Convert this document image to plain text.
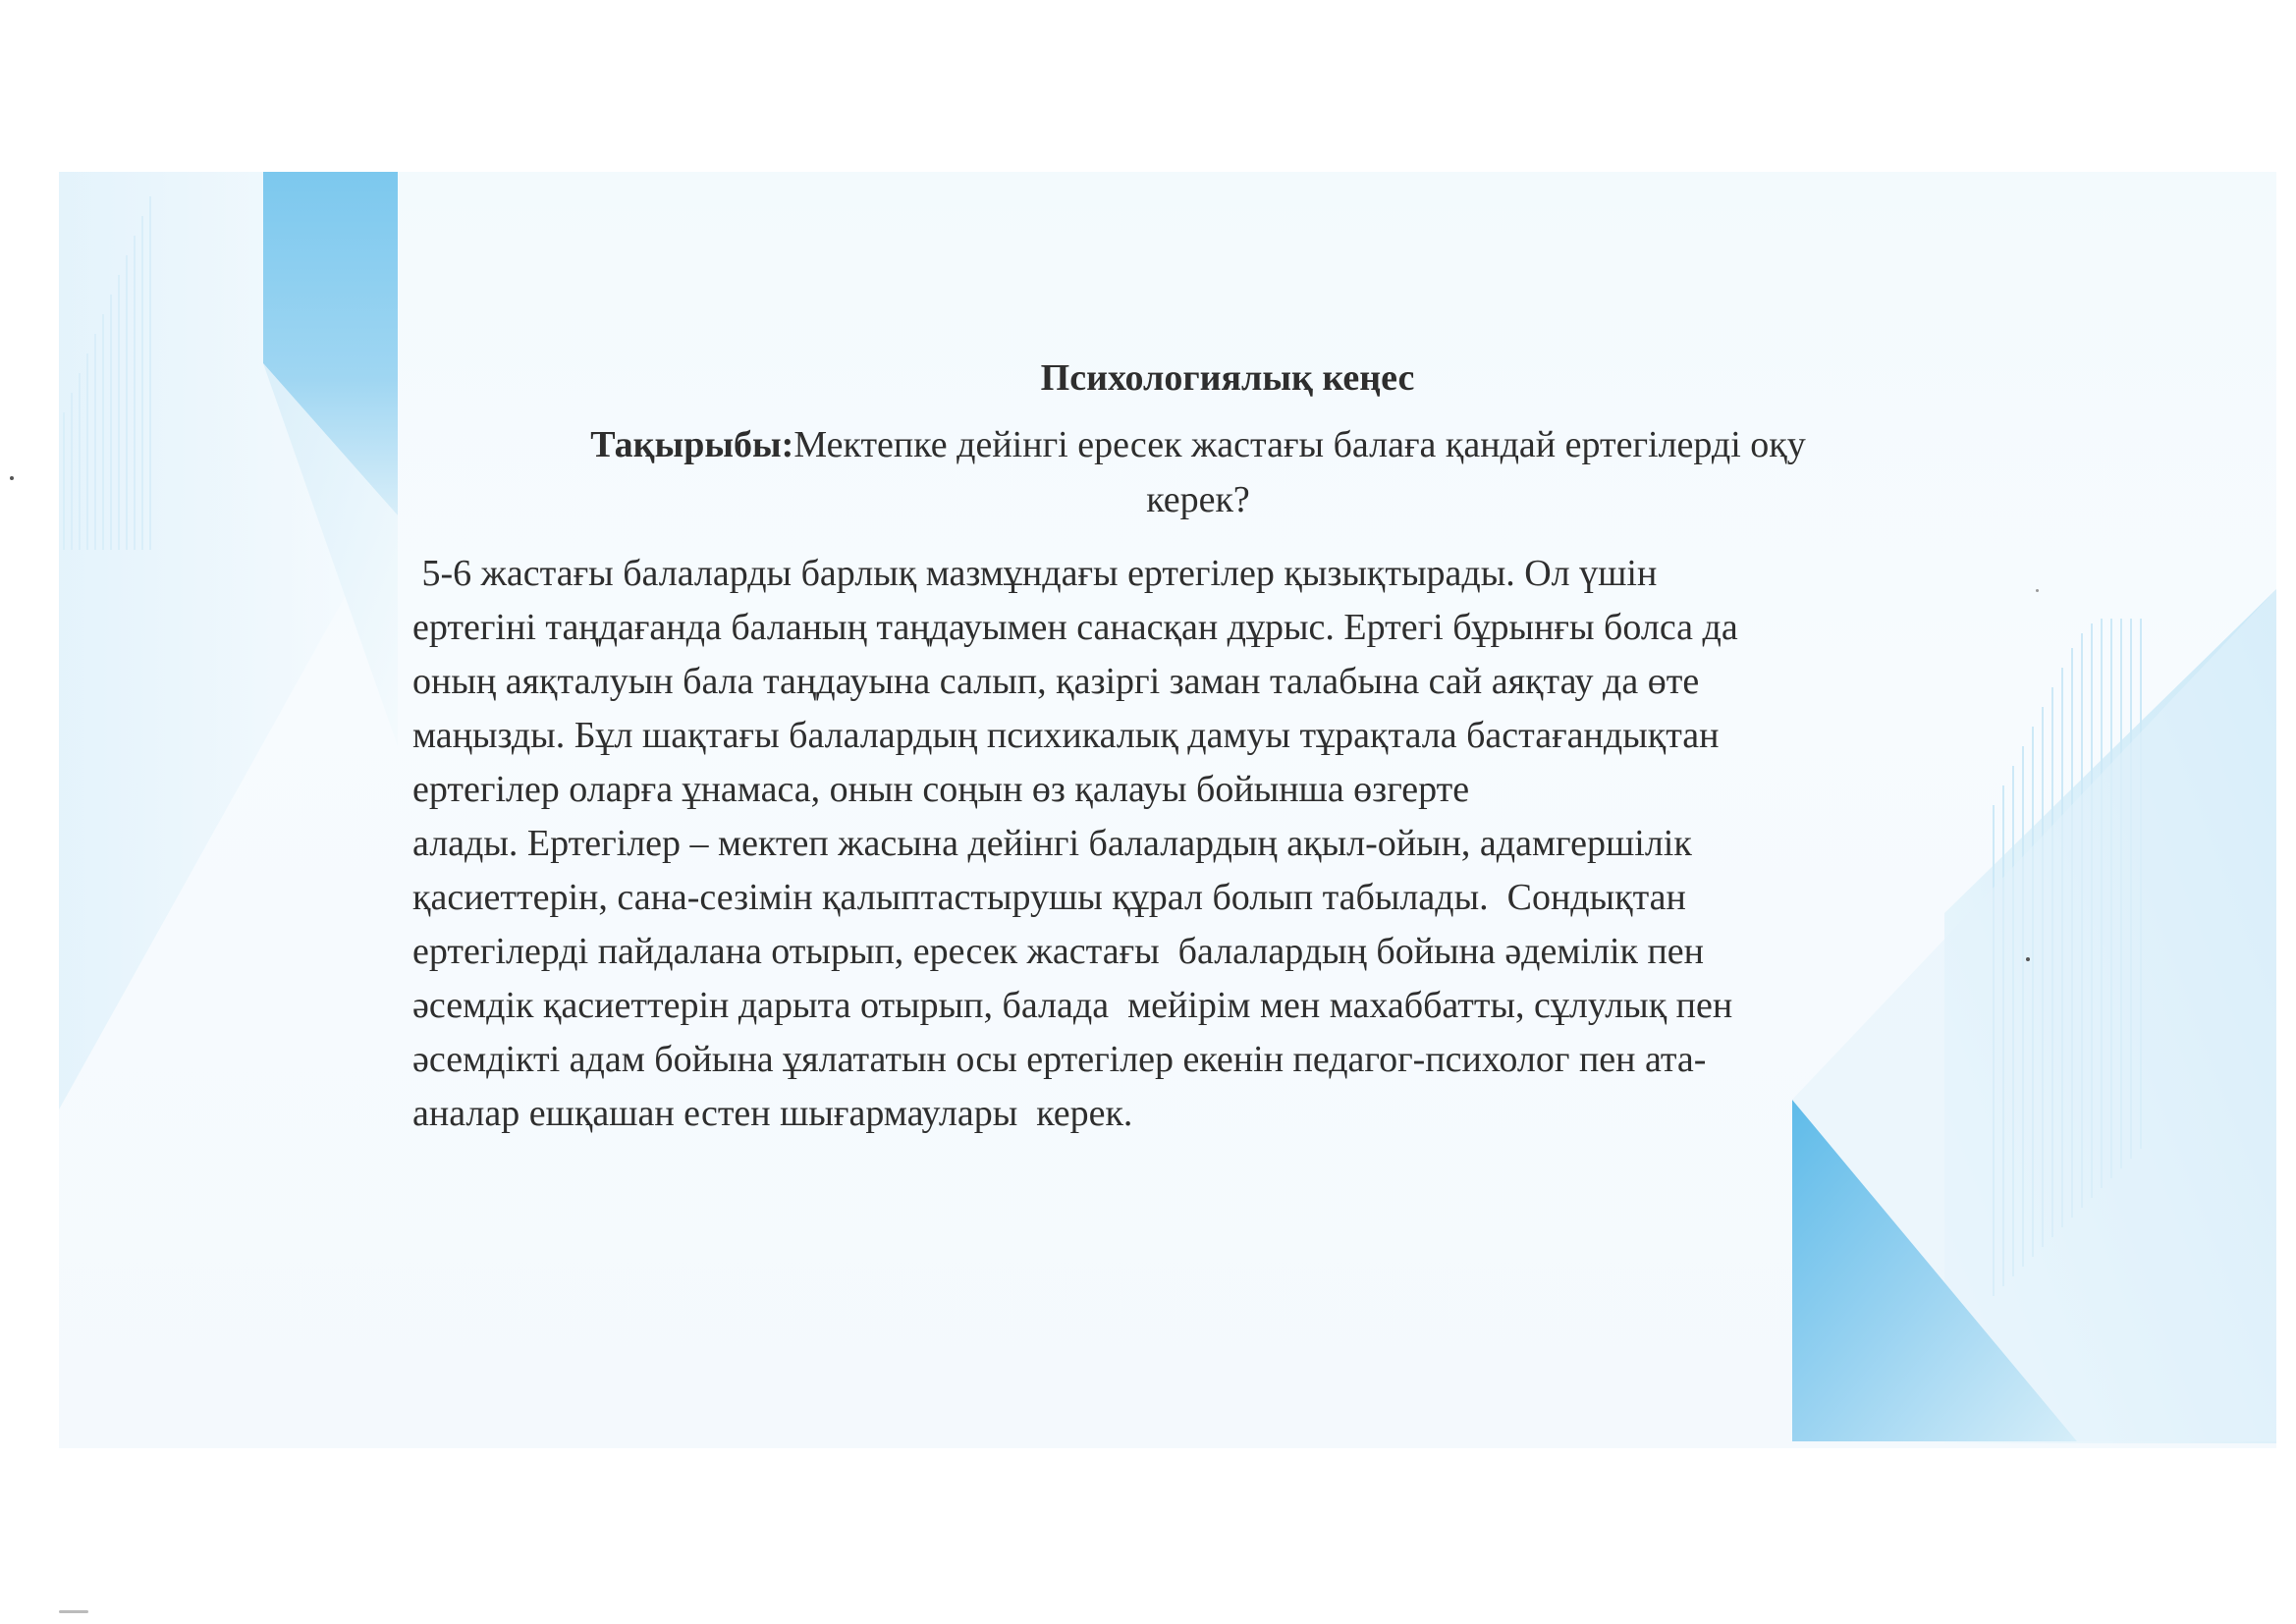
Психологиялық кеңес
Тақырыбы:Мектепке дейінгі ересек жастағы балаға қандай ертегілерді оқу
керек?

5-6 жастағы балаларды барлық мазмұндағы ертегілер қызықтырады. Ол үшін
ертегіні таңдағанда баланың таңдауымен санасқан дұрыс. Ертегі бұрынғы болса да
оның аяқталуын бала таңдауына салып, қазіргі заман талабына сай аяқтау да өте
маңызды. Бұл шақтағы балалардың психикалық дамуы тұрақтала бастағандықтан
ертегілер оларға ұнамаса, онын соңын өз қалауы бойынша өзгерте
алады. Ертегілер – мектеп жасына дейінгі балалардың ақыл-ойын, адамгершілік
қасиеттерін, сана-сезімін қалыптастырушы құрал болып табылады.  Сондықтан
ертегілерді пайдалана отырып, ересек жастағы  балалардың бойына әдемілік пен
әсемдік қасиеттерін дарыта отырып, балада  мейірім мен махаббатты, сұлулық пен
әсемдікті адам бойына ұялататын осы ертегілер екенін педагог-психолог пен ата-
аналар ешқашан естен шығармаулары  керек.
